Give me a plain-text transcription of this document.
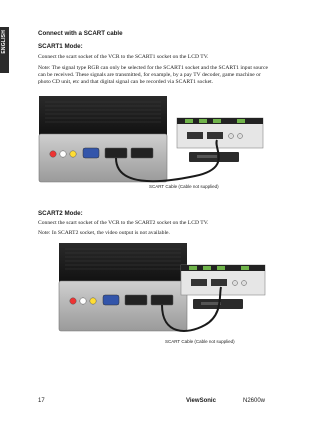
ENGLISH	Connect with a SCART cable
SCART1 Mode:
Connect the scart socket of the VCR to the SCART1 socket on the LCD TV.
Note: The signal type RGB can only be selected for the SCART1 socket and the SCART1 input source can be received. These signals are transmitted, for example, by a pay TV decoder, game machine or photo CD unit, etc and that digital signal can be recorded via SCART1 socket.
SCART Cable (Cable not supplied)
SCART2 Mode:
Connect the scart socket of the VCR to the SCART2 socket on the LCD TV.
Note: In SCART2 socket, the video output is not available.
SCART Cable (Cable not supplied)
17	ViewSonic	N2600w
